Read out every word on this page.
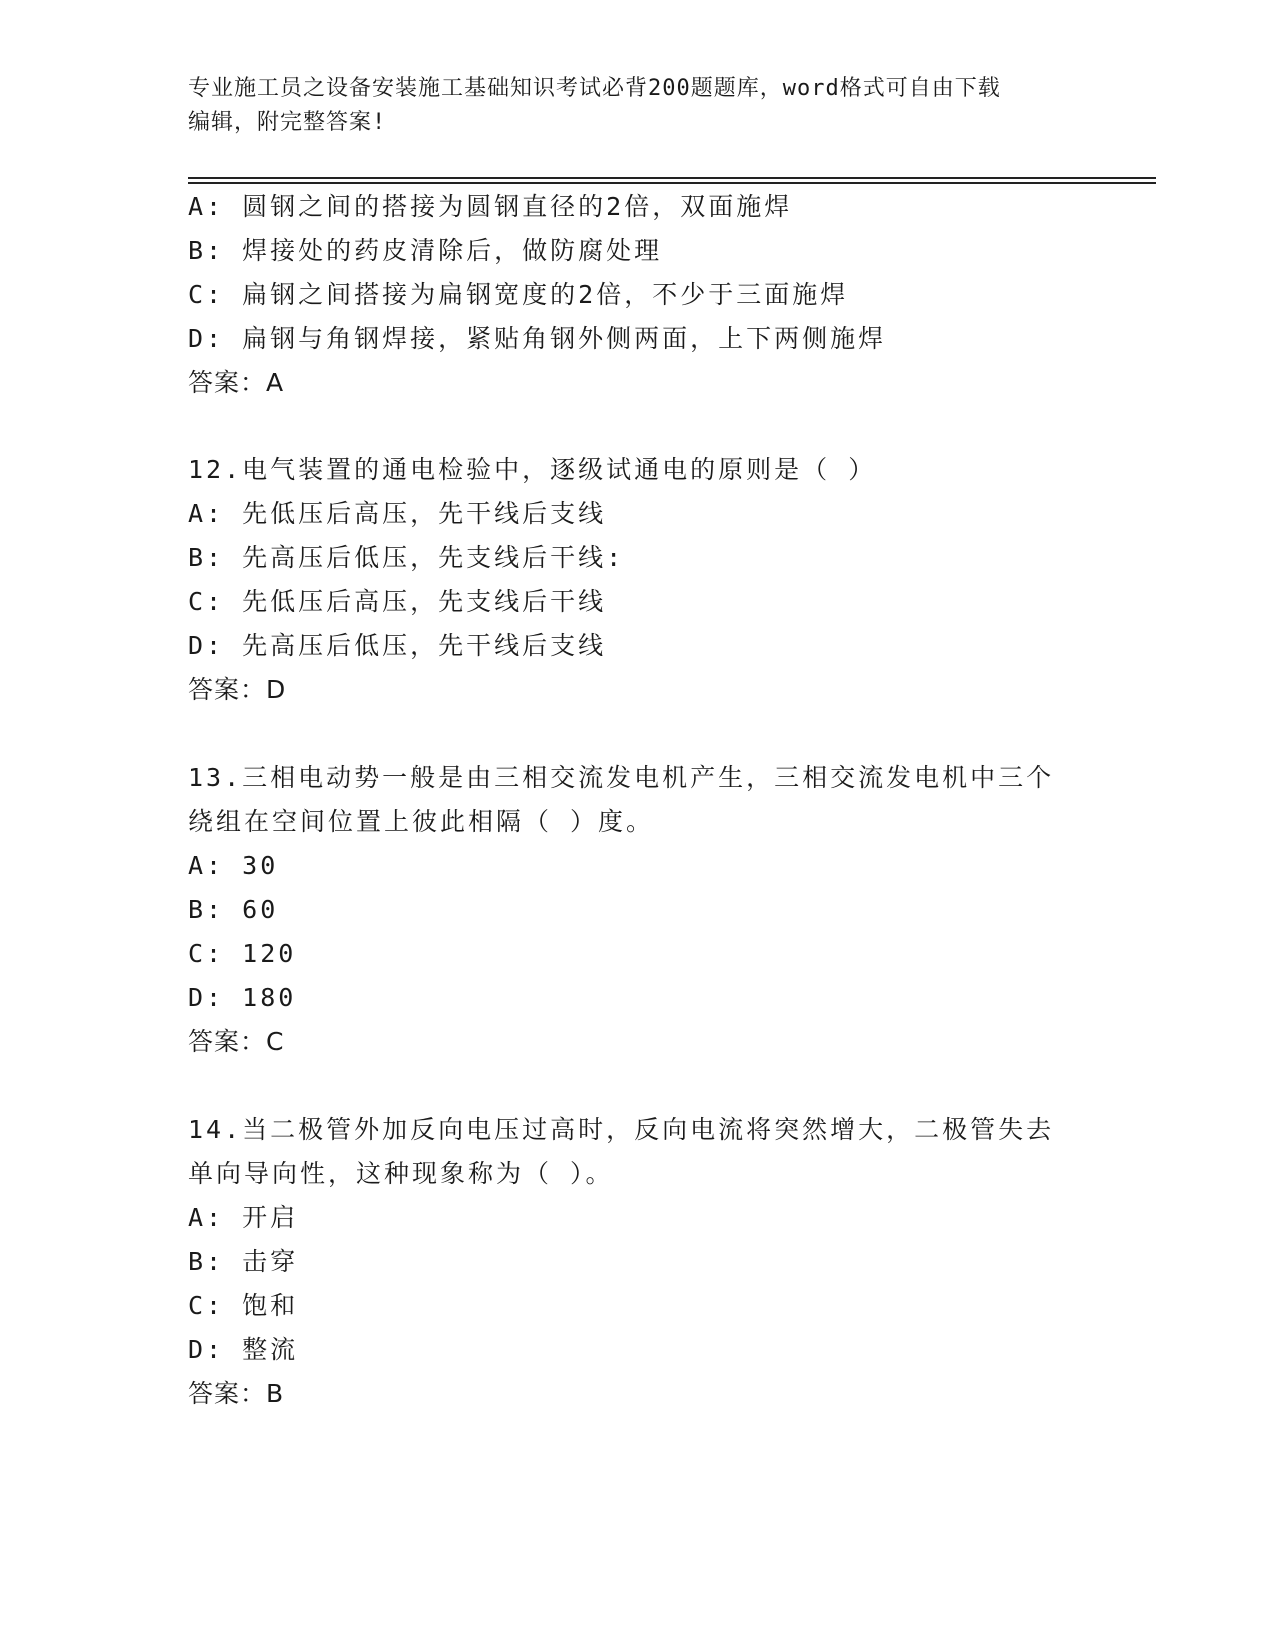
专业施工员之设备安装施工基础知识考试必背200题题库，word格式可自由下载
编辑，附完整答案!
A: 圆钢之间的搭接为圆钢直径的2倍，双面施焊
B: 焊接处的药皮清除后，做防腐处理
C: 扁钢之间搭接为扁钢宽度的2倍，不少于三面施焊
D: 扁钢与角钢焊接，紧贴角钢外侧两面，上下两侧施焊
答案：A
12.电气装置的通电检验中，逐级试通电的原则是（ ）
A: 先低压后高压，先干线后支线
B: 先高压后低压，先支线后干线:
C: 先低压后高压，先支线后干线
D: 先高压后低压，先干线后支线
答案：D
13.三相电动势一般是由三相交流发电机产生，三相交流发电机中三个
绕组在空间位置上彼此相隔（ ）度。
A: 30
B: 60
C: 120
D: 180
答案：C
14.当二极管外加反向电压过高时，反向电流将突然增大，二极管失去
单向导向性，这种现象称为（ ）。
A: 开启
B: 击穿
C: 饱和
D: 整流
答案：B
